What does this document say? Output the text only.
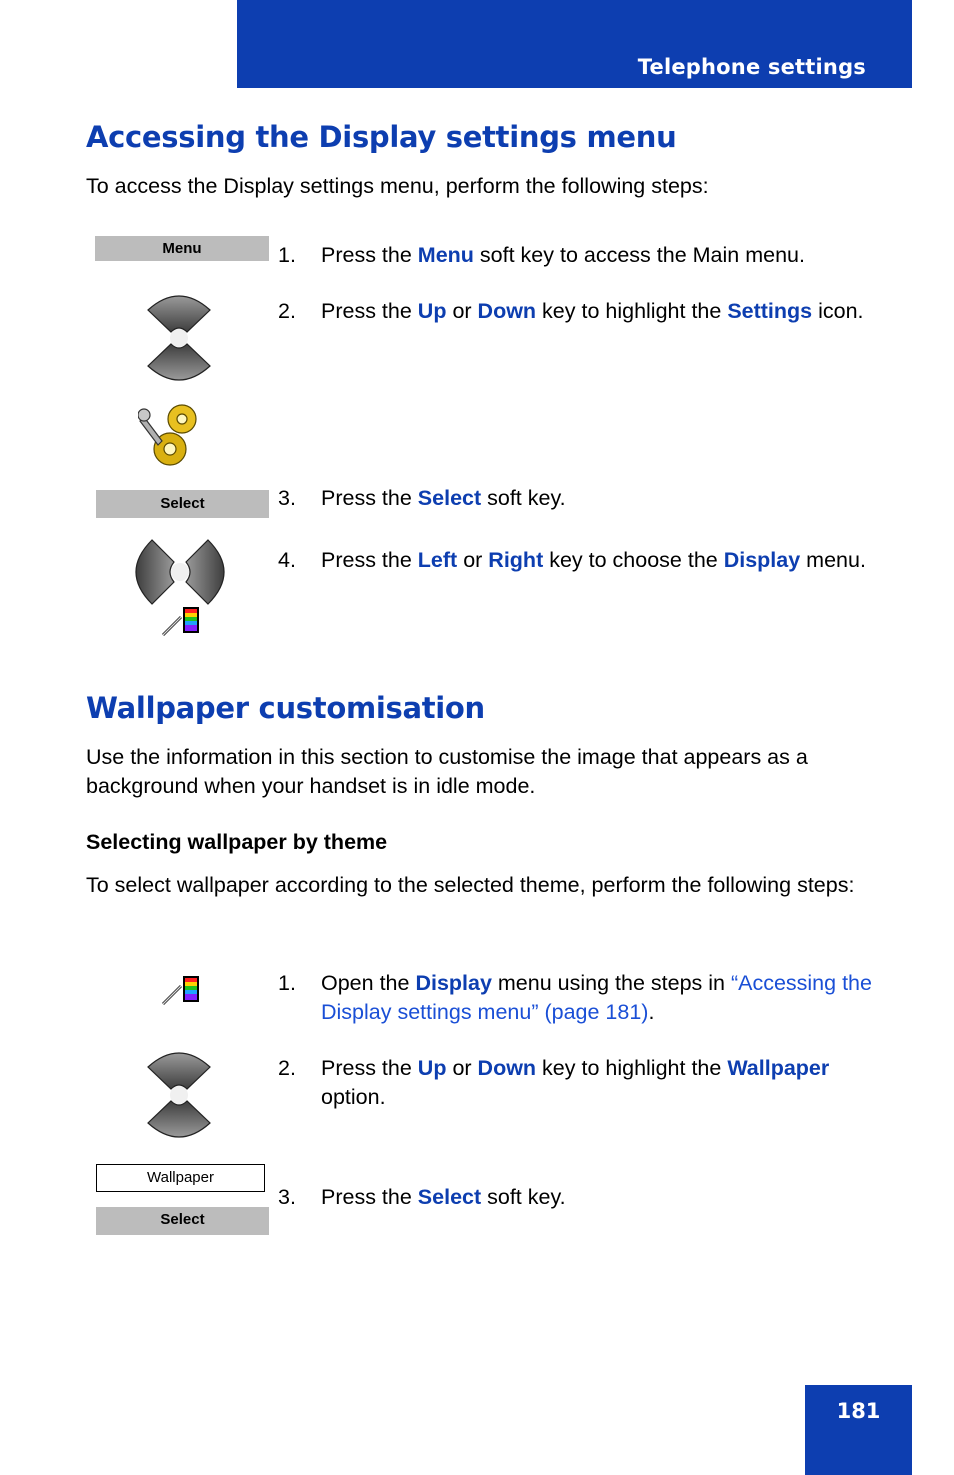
Telephone settings
Accessing the Display settings menu

To access the Display settings menu, perform the following steps:

Menu
Select
1. Press the Menu soft key to access the Main menu.
2. Press the Up or Down key to highlight the Settings icon.
3. Press the Select soft key.
4. Press the Left or Right key to choose the Display menu.
Wallpaper customisation

Use the information in this section to customise the image that appears as a background when your handset is in idle mode.

Selecting wallpaper by theme

To select wallpaper according to the selected theme, perform the following steps:

Wallpaper
Select
1. Open the Display menu using the steps in “Accessing the Display settings menu” (page 181).
2. Press the Up or Down key to highlight the Wallpaper option.
3. Press the Select soft key.
181
